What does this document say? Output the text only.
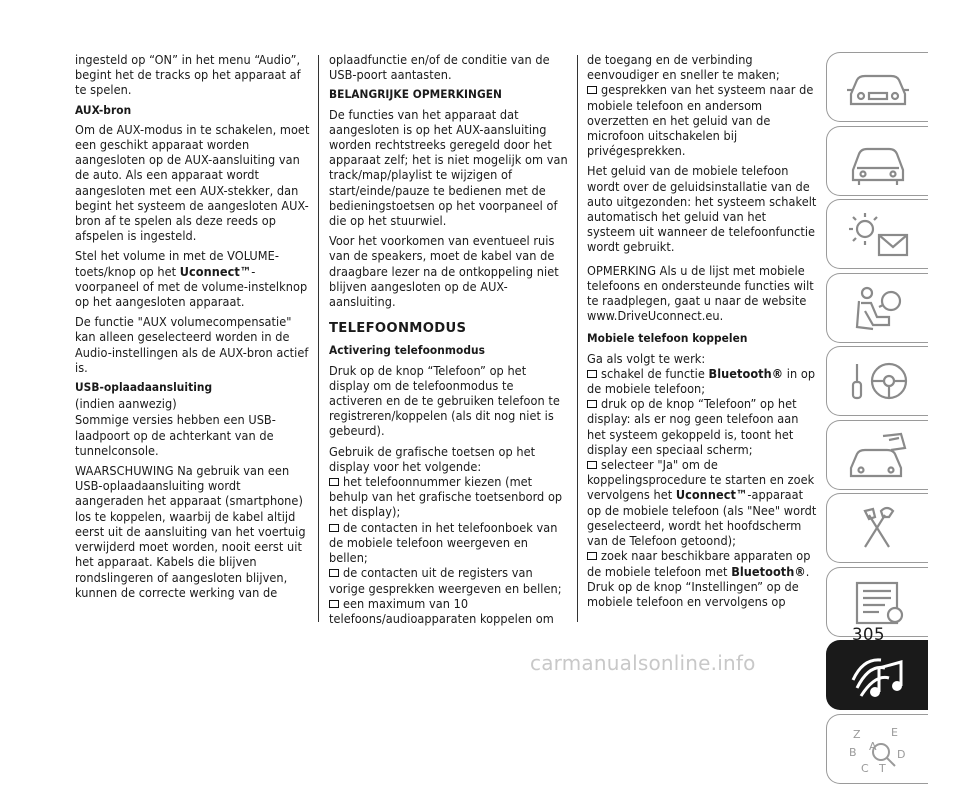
ingesteld op “ON” in het menu “Audio”, begint het de tracks op het apparaat af te spelen.

AUX-bron

Om de AUX-modus in te schakelen, moet een geschikt apparaat worden aangesloten op de AUX-aansluiting van de auto. Als een apparaat wordt aangesloten met een AUX-stekker, dan begint het systeem de aangesloten AUX-bron af te spelen als deze reeds op afspelen is ingesteld.

Stel het volume in met de VOLUME-toets/knop op het Uconnect™-voorpaneel of met de volume-instelknop op het aangesloten apparaat.

De functie "AUX volumecompensatie" kan alleen geselecteerd worden in de Audio-instellingen als de AUX-bron actief is.

USB-oplaadaansluiting

(indien aanwezig)

Sommige versies hebben een USB-laadpoort op de achterkant van de tunnelconsole.

WAARSCHUWING Na gebruik van een USB-oplaadaansluiting wordt aangeraden het apparaat (smartphone) los te koppelen, waarbij de kabel altijd eerst uit de aansluiting van het voertuig verwijderd moet worden, nooit eerst uit het apparaat. Kabels die blijven rondslingeren of aangesloten blijven, kunnen de correcte werking van de

oplaadfunctie en/of de conditie van de USB-poort aantasten.

BELANGRIJKE OPMERKINGEN

De functies van het apparaat dat aangesloten is op het AUX-aansluiting worden rechtstreeks geregeld door het apparaat zelf; het is niet mogelijk om van track/map/playlist te wijzigen of start/einde/pauze te bedienen met de bedieningstoetsen op het voorpaneel of die op het stuurwiel.

Voor het voorkomen van eventueel ruis van de speakers, moet de kabel van de draagbare lezer na de ontkoppeling niet blijven aangesloten op de AUX-aansluiting.

TELEFOONMODUS

Activering telefoonmodus

Druk op de knop “Telefoon” op het display om de telefoonmodus te activeren en de te gebruiken telefoon te registreren/koppelen (als dit nog niet is gebeurd).

Gebruik de grafische toetsen op het display voor het volgende:

het telefoonnummer kiezen (met behulp van het grafische toetsenbord op het display);

de contacten in het telefoonboek van de mobiele telefoon weergeven en bellen;

de contacten uit de registers van vorige gesprekken weergeven en bellen;

een maximum van 10 telefoons/audioapparaten koppelen om

de toegang en de verbinding eenvoudiger en sneller te maken;

gesprekken van het systeem naar de mobiele telefoon en andersom overzetten en het geluid van de microfoon uitschakelen bij privégesprekken.

Het geluid van de mobiele telefoon wordt over de geluidsinstallatie van de auto uitgezonden: het systeem schakelt automatisch het geluid van het systeem uit wanneer de telefoonfunctie wordt gebruikt.

OPMERKING Als u de lijst met mobiele telefoons en ondersteunde functies wilt te raadplegen, gaat u naar de website www.DriveUconnect.eu.

Mobiele telefoon koppelen

Ga als volgt te werk:

schakel de functie Bluetooth® in op de mobiele telefoon;

druk op de knop “Telefoon” op het display: als er nog geen telefoon aan het systeem gekoppeld is, toont het display een speciaal scherm;

selecteer "Ja" om de koppelingsprocedure te starten en zoek vervolgens het Uconnect™-apparaat op de mobiele telefoon (als "Nee" wordt geselecteerd, wordt het hoofdscherm van de Telefoon getoond);

zoek naar beschikbare apparaten op de mobiele telefoon met Bluetooth®.

Druk op de knop “Instellingen” op de mobiele telefoon en vervolgens op

Z	E
B	D
C T
A
305
carmanualsonline.info
